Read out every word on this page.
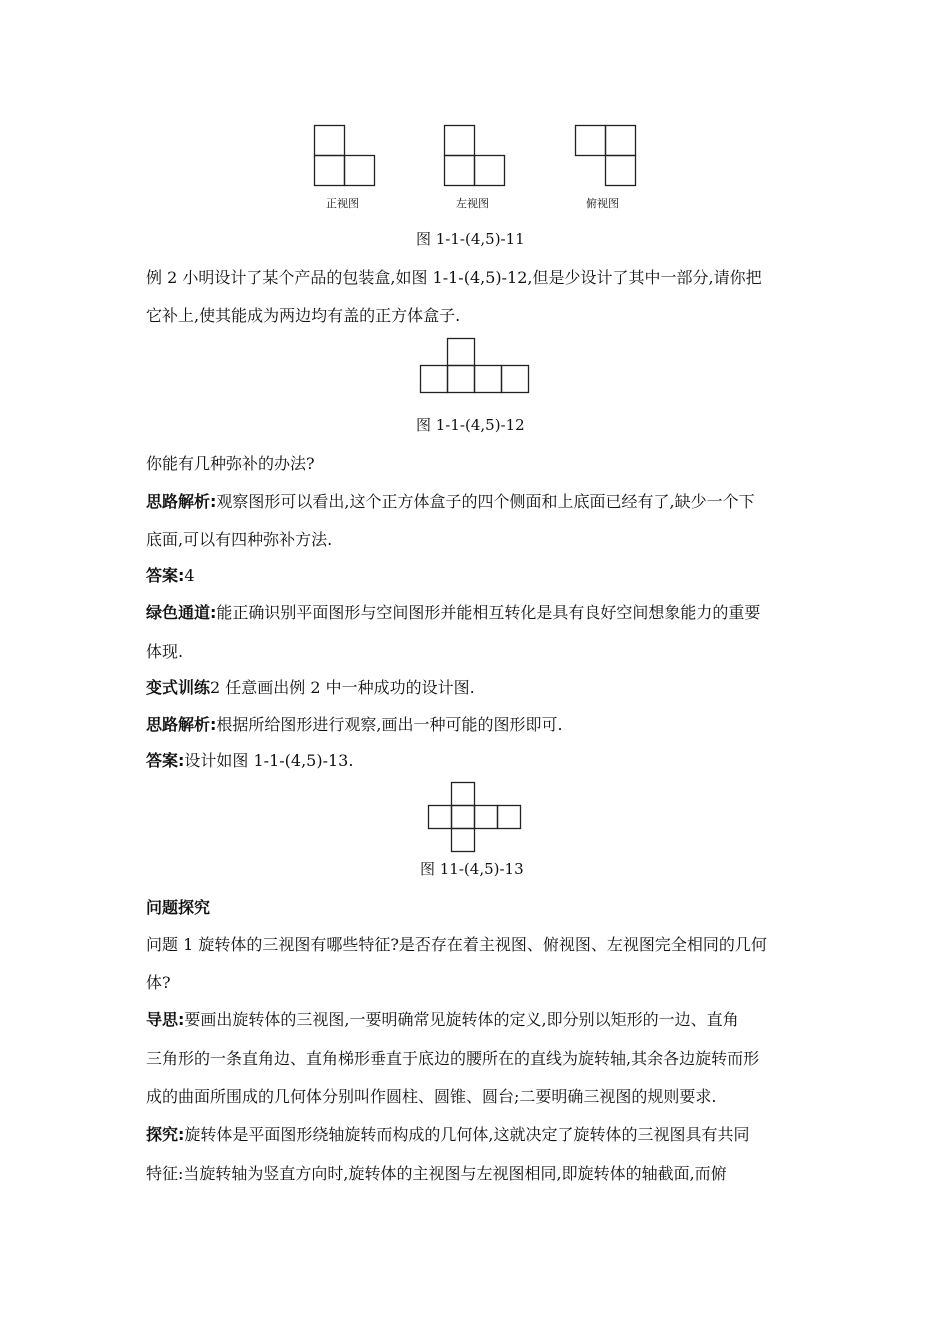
正视图	左视图	俯视图
图 1-1-(4,5)-11
例 2 小明设计了某个产品的包装盒,如图 1-1-(4,5)-12,但是少设计了其中一部分,请你把
它补上,使其能成为两边均有盖的正方体盒子.
图 1-1-(4,5)-12
你能有几种弥补的办法?
思路解析:观察图形可以看出,这个正方体盒子的四个侧面和上底面已经有了,缺少一个下
底面,可以有四种弥补方法.
答案:4
绿色通道:能正确识别平面图形与空间图形并能相互转化是具有良好空间想象能力的重要
体现.
变式训练2 任意画出例 2 中一种成功的设计图.
思路解析:根据所给图形进行观察,画出一种可能的图形即可.
答案:设计如图 1-1-(4,5)-13.
图 11-(4,5)-13
问题探究
问题 1 旋转体的三视图有哪些特征?是否存在着主视图、俯视图、左视图完全相同的几何
体?
导思:要画出旋转体的三视图,一要明确常见旋转体的定义,即分别以矩形的一边、直角
三角形的一条直角边、直角梯形垂直于底边的腰所在的直线为旋转轴,其余各边旋转而形
成的曲面所围成的几何体分别叫作圆柱、圆锥、圆台;二要明确三视图的规则要求.
探究:旋转体是平面图形绕轴旋转而构成的几何体,这就决定了旋转体的三视图具有共同
特征:当旋转轴为竖直方向时,旋转体的主视图与左视图相同,即旋转体的轴截面,而俯
